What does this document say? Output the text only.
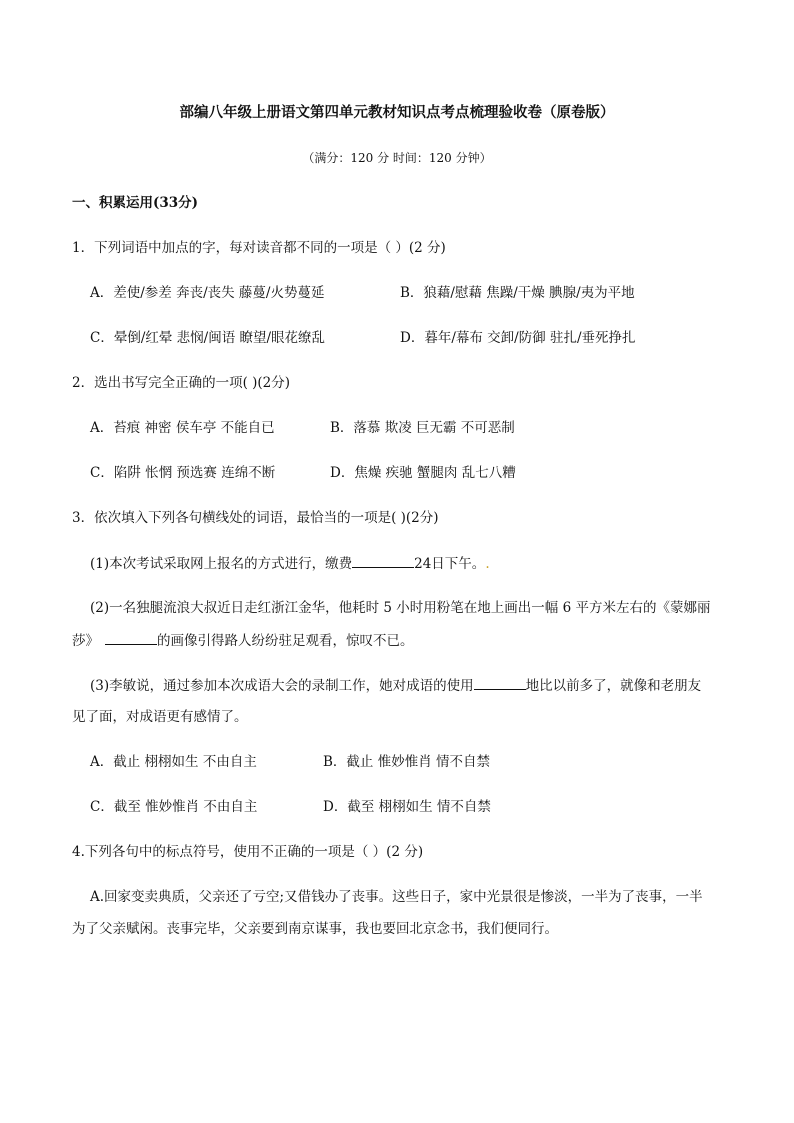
部编八年级上册语文第四单元教材知识点考点梳理验收卷（原卷版）
（满分：120 分 时间：120 分钟）
一、积累运用(33分)
1．下列词语中加点的字，每对读音都不同的一项是（ ）(2 分)
A．差使/参差 奔丧/丧失 藤蔓/火势蔓延	B．狼藉/慰藉 焦躁/干燥 腆腺/夷为平地
C．晕倒/红晕 悲悯/闽语 瞭望/眼花缭乱	D．暮年/幕布 交卸/防御 驻扎/垂死挣扎
2．选出书写完全正确的一项( )(2分)
A．苔痕 神密 侯车亭 不能自已	B．落慕 欺凌 巨无霸 不可恶制
C．陷阱 怅惘 预选赛 连绵不断	D．焦燥 疾驰 蟹腿肉 乱七八糟
3．依次填入下列各句横线处的词语，最恰当的一项是( )(2分)
(1)本次考试采取网上报名的方式进行，缴费	24日下午。.
(2)一名独腿流浪大叔近日走红浙江金华，他耗时 5 小时用粉笔在地上画出一幅 6 平方米左右的《蒙娜丽
莎》	的画像引得路人纷纷驻足观看，惊叹不已。
(3)李敏说，通过参加本次成语大会的录制工作，她对成语的使用	地比以前多了，就像和老朋友
见了面，对成语更有感情了。
A．截止 栩栩如生 不由自主	B．截止 惟妙惟肖 情不自禁
C．截至 惟妙惟肖 不由自主	D．截至 栩栩如生 情不自禁
4.下列各句中的标点符号，使用不正确的一项是（ ）(2 分)
A.回家变卖典质，父亲还了亏空;又借钱办了丧事。这些日子，家中光景很是惨淡，一半为了丧事，一半
为了父亲赋闲。丧事完毕，父亲要到南京谋事，我也要回北京念书，我们便同行。
